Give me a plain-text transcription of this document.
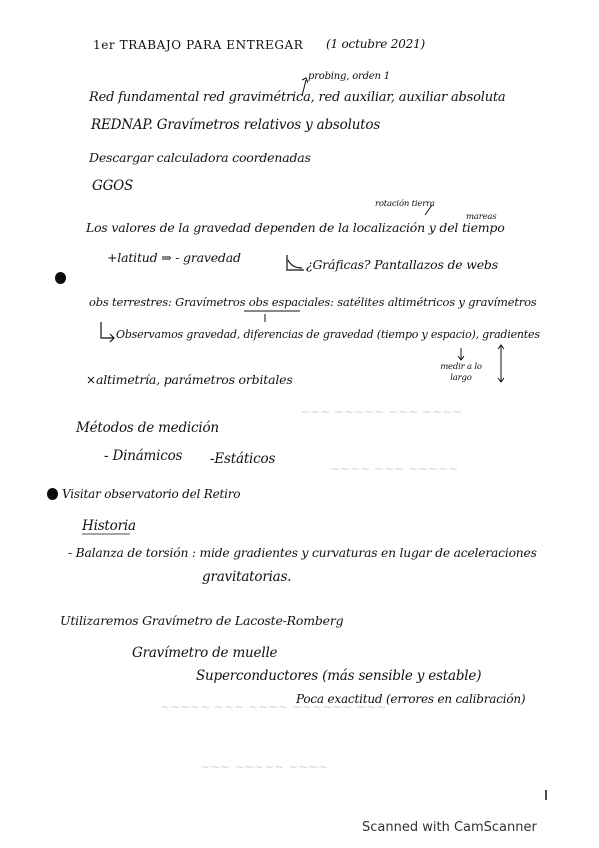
~~~ ~~~~~ ~~~ ~~~~
~~~~ ~~~ ~~~~~
~~~~~ ~~~ ~~~~ ~~~~~~ ~~~
~~~ ~~~~~ ~~~~
1er TRABAJO PARA ENTREGAR (1 octubre 2021)
probing, orden 1
Red fundamental red gravimétrica, red auxiliar, auxiliar absoluta
REDNAP. Gravímetros relativos y absolutos
Descargar calculadora coordenadas
GGOS
rotación tierra
mareas
Los valores de la gravedad dependen de la localización y del tiempo
+latitud ⇒ - gravedad	¿Gráficas? Pantallazos de webs
obs terrestres: Gravímetros obs espaciales: satélites altimétricos y gravímetros
Observamos gravedad, diferencias de gravedad (tiempo y espacio), gradientes
medir a lo largo
altimetría, parámetros orbitales
Métodos de medición
- Dinámicos -Estáticos
Visitar observatorio del Retiro
Historia
- Balanza de torsión : mide gradientes y curvaturas en lugar de aceleraciones
gravitatorias.
Utilizaremos Gravímetro de Lacoste-Romberg
Gravímetro de muelle
Superconductores (más sensible y estable)
Poca exactitud (errores en calibración)
Scanned with CamScanner
